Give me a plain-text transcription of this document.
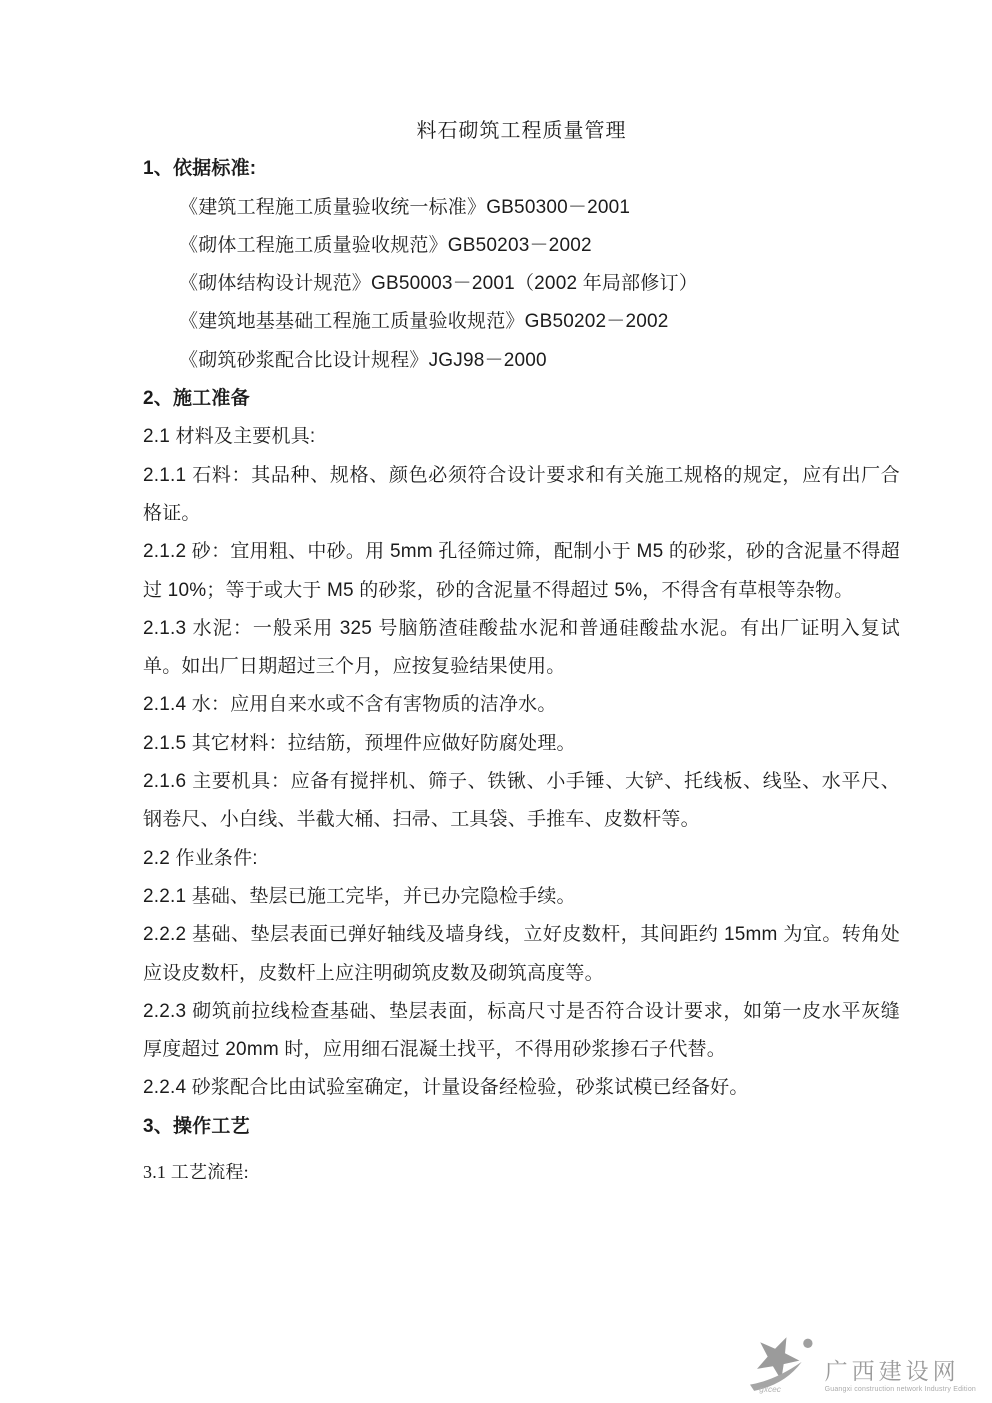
料石砌筑工程质量管理
1、依据标准:
《建筑工程施工质量验收统一标准》GB50300－2001
《砌体工程施工质量验收规范》GB50203－2002
《砌体结构设计规范》GB50003－2001（2002 年局部修订）
《建筑地基基础工程施工质量验收规范》GB50202－2002
《砌筑砂浆配合比设计规程》JGJ98－2000
2、施工准备
2.1 材料及主要机具:
2.1.1 石料：其品种、规格、颜色必须符合设计要求和有关施工规格的规定，应有出厂合格证。
2.1.2 砂：宜用粗、中砂。用 5mm 孔径筛过筛，配制小于 M5 的砂浆，砂的含泥量不得超过 10%；等于或大于 M5 的砂浆，砂的含泥量不得超过 5%，不得含有草根等杂物。
2.1.3 水泥：一般采用 325 号脑筋渣硅酸盐水泥和普通硅酸盐水泥。有出厂证明入复试单。如出厂日期超过三个月，应按复验结果使用。
2.1.4 水：应用自来水或不含有害物质的洁净水。
2.1.5 其它材料：拉结筋，预埋件应做好防腐处理。
2.1.6 主要机具：应备有搅拌机、筛子、铁锹、小手锤、大铲、托线板、线坠、水平尺、钢卷尺、小白线、半截大桶、扫帚、工具袋、手推车、皮数杆等。
2.2 作业条件:
2.2.1 基础、垫层已施工完毕，并已办完隐检手续。
2.2.2 基础、垫层表面已弹好轴线及墙身线，立好皮数杆，其间距约 15mm 为宜。转角处应设皮数杆，皮数杆上应注明砌筑皮数及砌筑高度等。
2.2.3 砌筑前拉线检查基础、垫层表面，标高尺寸是否符合设计要求，如第一皮水平灰缝厚度超过 20mm 时，应用细石混凝土找平，不得用砂浆掺石子代替。
2.2.4 砂浆配合比由试验室确定，计量设备经检验，砂浆试模已经备好。
3、操作工艺
3.1 工艺流程:
gxcec
广西建设网
Guangxi construction network Industry Edition
